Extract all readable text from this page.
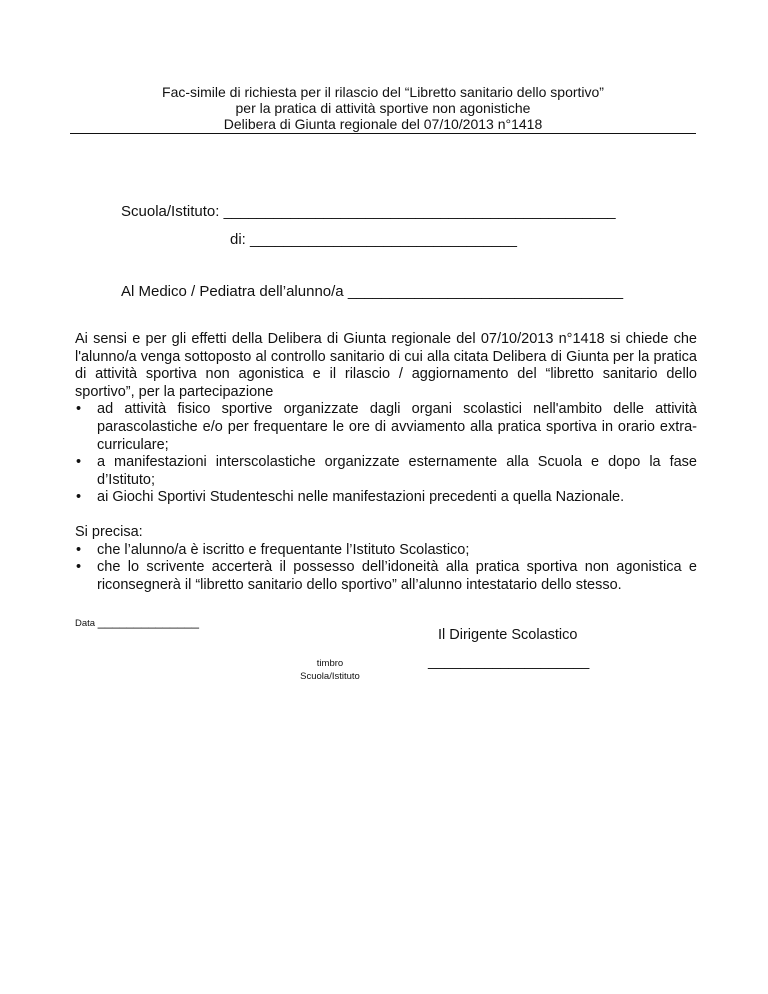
Fac-simile di richiesta per il rilascio del “Libretto sanitario dello sportivo”
per la pratica di attività sportive non agonistiche
Delibera di Giunta regionale del 07/10/2013 n°1418
Scuola/Istituto: _______________________________________________
di: ________________________________
Al Medico / Pediatra dell’alunno/a _________________________________

Ai sensi e per gli effetti della Delibera di Giunta regionale del 07/10/2013 n°1418 si chiede che l'alunno/a venga sottoposto al controllo sanitario di cui alla citata Delibera di Giunta per la pratica di attività sportiva non agonistica e il rilascio / aggiornamento del “libretto sanitario dello sportivo”, per la partecipazione

• ad attività fisico sportive organizzate dagli organi scolastici nell'ambito delle attività parascolastiche e/o per frequentare le ore di avviamento alla pratica sportiva in orario extra-curriculare;
• a manifestazioni interscolastiche organizzate esternamente alla Scuola e dopo la fase d’Istituto;
• ai Giochi Sportivi Studenteschi nelle manifestazioni precedenti a quella Nazionale.

Si precisa:

• che l’alunno/a è iscritto e frequentante l’Istituto Scolastico;
• che lo scrivente accerterà il possesso dell’idoneità alla pratica sportiva non agonistica e riconsegnerà il “libretto sanitario dello sportivo” all’alunno intestatario dello stesso.
Data ______________
Il Dirigente Scolastico
____________________
timbro
Scuola/Istituto
